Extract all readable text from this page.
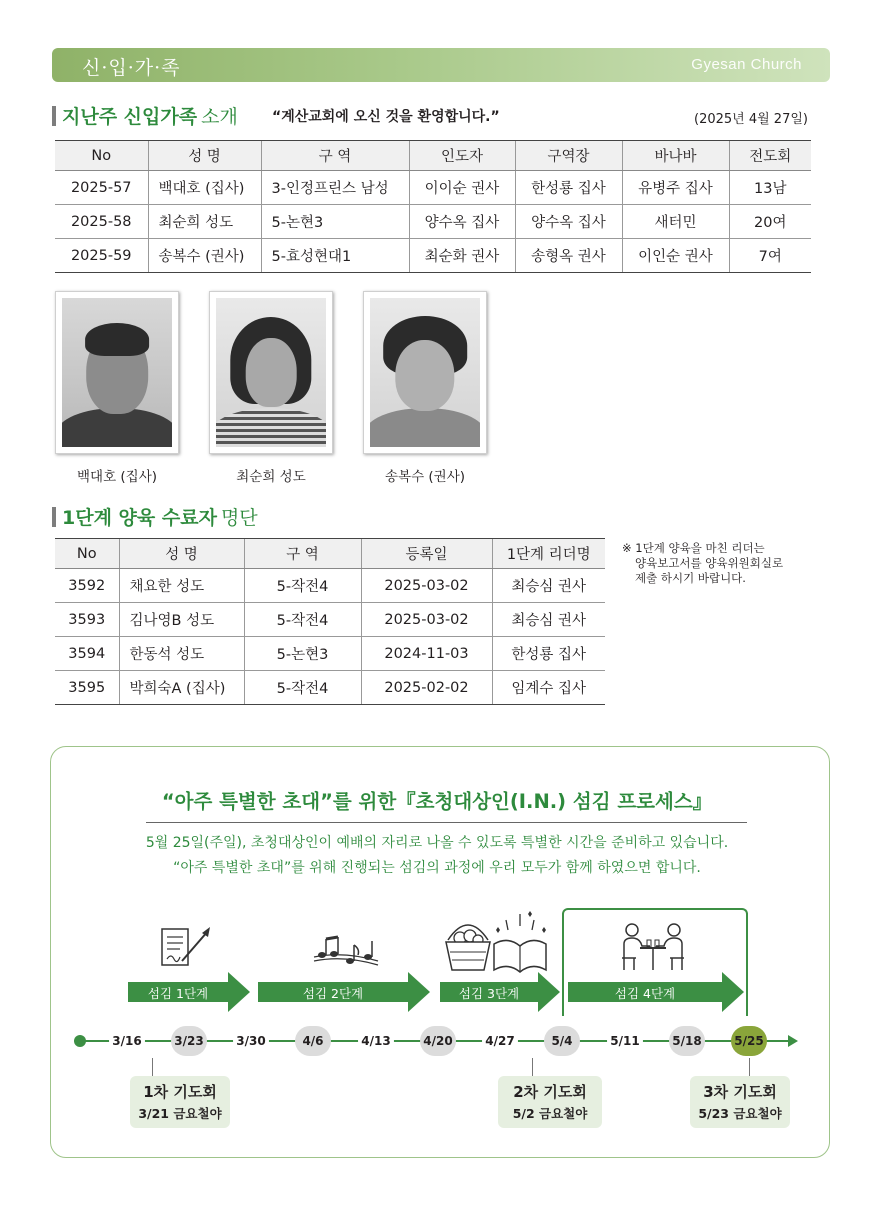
신·입·가·족	Gyesan Church
지난주 신입가족 소개 “계산교회에 오신 것을 환영합니다.”	(2025년 4월 27일)
No	성 명	구 역	인도자	구역장	바나바	전도회
2025-57	백대호 (집사)	3-인정프린스 남성	이이순 권사	한성룡 집사	유병주 집사	13남
2025-58	최순희 성도	5-논현3	양수옥 집사	양수옥 집사	새터민	20여
2025-59	송복수 (권사)	5-효성현대1	최순화 권사	송형옥 권사	이인순 권사	7여
백대호 (집사)	최순희 성도	송복수 (권사)
1단계 양육 수료자 명단
No	성 명	구 역	등록일	1단계 리더명
3592	채요한 성도	5-작전4	2025-03-02	최승심 권사
3593	김나영B 성도	5-작전4	2025-03-02	최승심 권사
3594	한동석 성도	5-논현3	2024-11-03	한성룡 집사
3595	박희숙A (집사)	5-작전4	2025-02-02	임계수 집사
※ 1단계 양육을 마친 리더는
양육보고서를 양육위원회실로
제출 하시기 바랍니다.
“아주 특별한 초대”를 위한『초청대상인(I.N.) 섬김 프로세스』
5월 25일(주일), 초청대상인이 예배의 자리로 나올 수 있도록 특별한 시간을 준비하고 있습니다.
“아주 특별한 초대”를 위해 진행되는 섬김의 과정에 우리 모두가 함께 하였으면 합니다.
섬김 1단계	섬김 2단계	섬김 3단계	섬김 4단계
3/16	3/23	3/30	4/6	4/13	4/20	4/27	5/4	5/11	5/18	5/25
1차 기도회
3/21 금요철야
2차 기도회
5/2 금요철야
3차 기도회
5/23 금요철야
